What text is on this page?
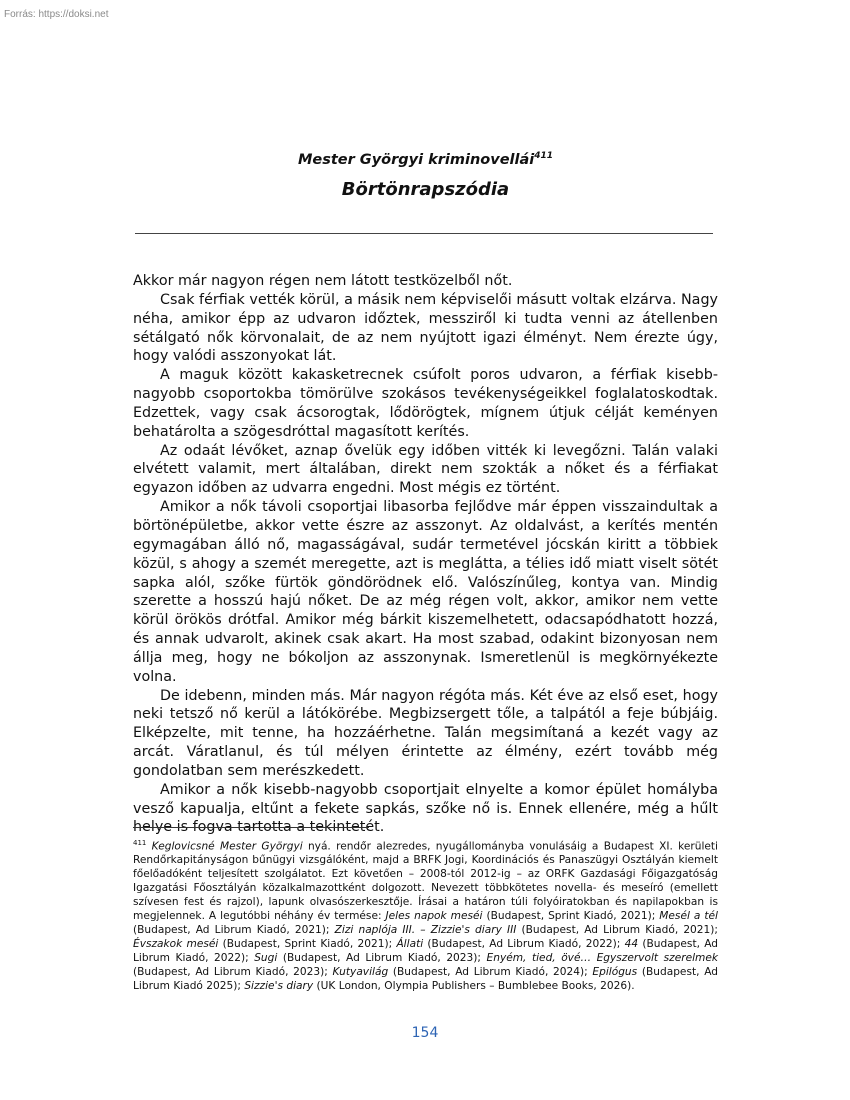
Forrás: https://doksi.net
Mester Györgyi kriminovellái$^{411}$
Börtönrapszódia

Akkor már nagyon régen nem látott testközelből nőt.

Csak férfiak vették körül, a másik nem képviselői másutt voltak elzárva. Nagy néha, amikor épp az udvaron időztek, messziről ki tudta venni az átellenben sétálgató nők körvonalait, de az nem nyújtott igazi élményt. Nem érezte úgy, hogy valódi asszonyokat lát.

A maguk között kakasketrecnek csúfolt poros udvaron, a férfiak kisebb-nagyobb csoportokba tömörülve szokásos tevékenységeikkel foglalatoskodtak. Edzettek, vagy csak ácsorogtak, lődörögtek, mígnem útjuk célját keményen behatárolta a szögesdróttal magasított kerítés.

Az odaát lévőket, aznap ővelük egy időben vitték ki levegőzni. Talán valaki elvétett valamit, mert általában, direkt nem szokták a nőket és a férfiakat egyazon időben az udvarra engedni. Most mégis ez történt.

Amikor a nők távoli csoportjai libasorba fejlődve már éppen visszaindultak a börtönépületbe, akkor vette észre az asszonyt. Az oldalvást, a kerítés mentén egymagában álló nő, magasságával, sudár termetével jócskán kiritt a többiek közül, s ahogy a szemét meregette, azt is meglátta, a télies idő miatt viselt sötét sapka alól, szőke fürtök göndörödnek elő. Valószínűleg, kontya van. Mindig szerette a hosszú hajú nőket. De az még régen volt, akkor, amikor nem vette körül örökös drótfal. Amikor még bárkit kiszemelhetett, odacsapódhatott hozzá, és annak udvarolt, akinek csak akart. Ha most szabad, odakint bizonyosan nem állja meg, hogy ne bókoljon az asszonynak. Ismeretlenül is megkörnyékezte volna.

De idebenn, minden más. Már nagyon régóta más. Két éve az első eset, hogy neki tetsző nő kerül a látókörébe. Megbizsergett tőle, a talpától a feje búbjáig. Elképzelte, mit tenne, ha hozzáérhetne. Talán megsimítaná a kezét vagy az arcát. Váratlanul, és túl mélyen érintette az élmény, ezért tovább még gondolatban sem merészkedett.

Amikor a nők kisebb-nagyobb csoportjait elnyelte a komor épület homályba vesző kapualja, eltűnt a fekete sapkás, szőke nő is. Ennek ellenére, még a hűlt helye is fogva tartotta a tekintetét.

$^{411}$ Keglovicsné Mester Györgyi nyá. rendőr alezredes, nyugállományba vonulásáig a Budapest XI. kerületi Rendőrkapitányságon bűnügyi vizsgálóként, majd a BRFK Jogi, Koordinációs és Panaszügyi Osztályán kiemelt főelőadóként teljesített szolgálatot. Ezt követően – 2008-tól 2012-ig – az ORFK Gazdasági Főigazgatóság Igazgatási Főosztályán közalkalmazottként dolgozott. Nevezett többkötetes novella- és meseíró (emellett szívesen fest és rajzol), lapunk olvasószerkesztője. Írásai a határon túli folyóiratokban és napilapokban is megjelennek. A legutóbbi néhány év termése: Jeles napok meséi (Budapest, Sprint Kiadó, 2021); Mesél a tél (Budapest, Ad Librum Kiadó, 2021); Zizi naplója III. – Zizzie's diary III (Budapest, Ad Librum Kiadó, 2021); Évszakok meséi (Budapest, Sprint Kiadó, 2021); Állati (Budapest, Ad Librum Kiadó, 2022); 44 (Budapest, Ad Librum Kiadó, 2022); Sugi (Budapest, Ad Librum Kiadó, 2023); Enyém, tied, övé… Egyszervolt szerelmek (Budapest, Ad Librum Kiadó, 2023); Kutyavilág (Budapest, Ad Librum Kiadó, 2024); Epilógus (Budapest, Ad Librum Kiadó 2025); Sizzie's diary (UK London, Olympia Publishers – Bumblebee Books, 2026).
154
